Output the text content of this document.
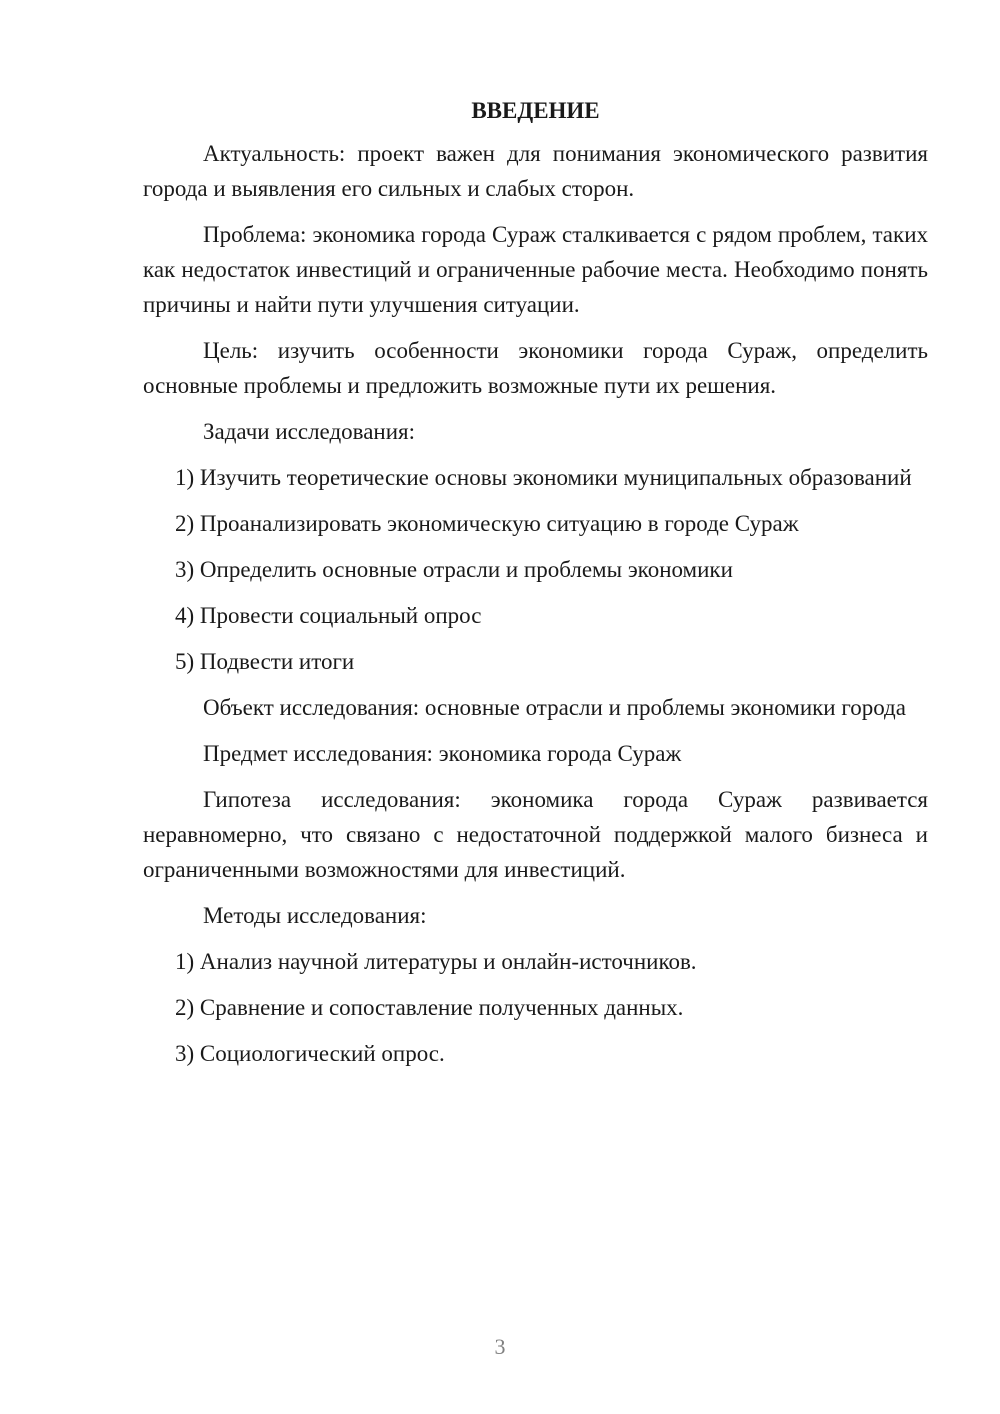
ВВЕДЕНИЕ

Актуальность: проект важен для понимания экономического развития города и выявления его сильных и слабых сторон.

Проблема: экономика города Сураж сталкивается с рядом проблем, таких как недостаток инвестиций и ограниченные рабочие места. Необходимо понять причины и найти пути улучшения ситуации.

Цель: изучить особенности экономики города Сураж, определить основные проблемы и предложить возможные пути их решения.

Задачи исследования:

1) Изучить теоретические основы экономики муниципальных образований

2) Проанализировать экономическую ситуацию в городе Сураж

3) Определить основные отрасли и проблемы экономики

4) Провести социальный опрос

5) Подвести итоги

Объект исследования: основные отрасли и проблемы экономики города

Предмет исследования: экономика города Сураж

Гипотеза исследования: экономика города Сураж развивается неравномерно, что связано с недостаточной поддержкой малого бизнеса и ограниченными возможностями для инвестиций.

Методы исследования:

1) Анализ научной литературы и онлайн-источников.

2) Сравнение и сопоставление полученных данных.

3) Социологический опрос.

3
